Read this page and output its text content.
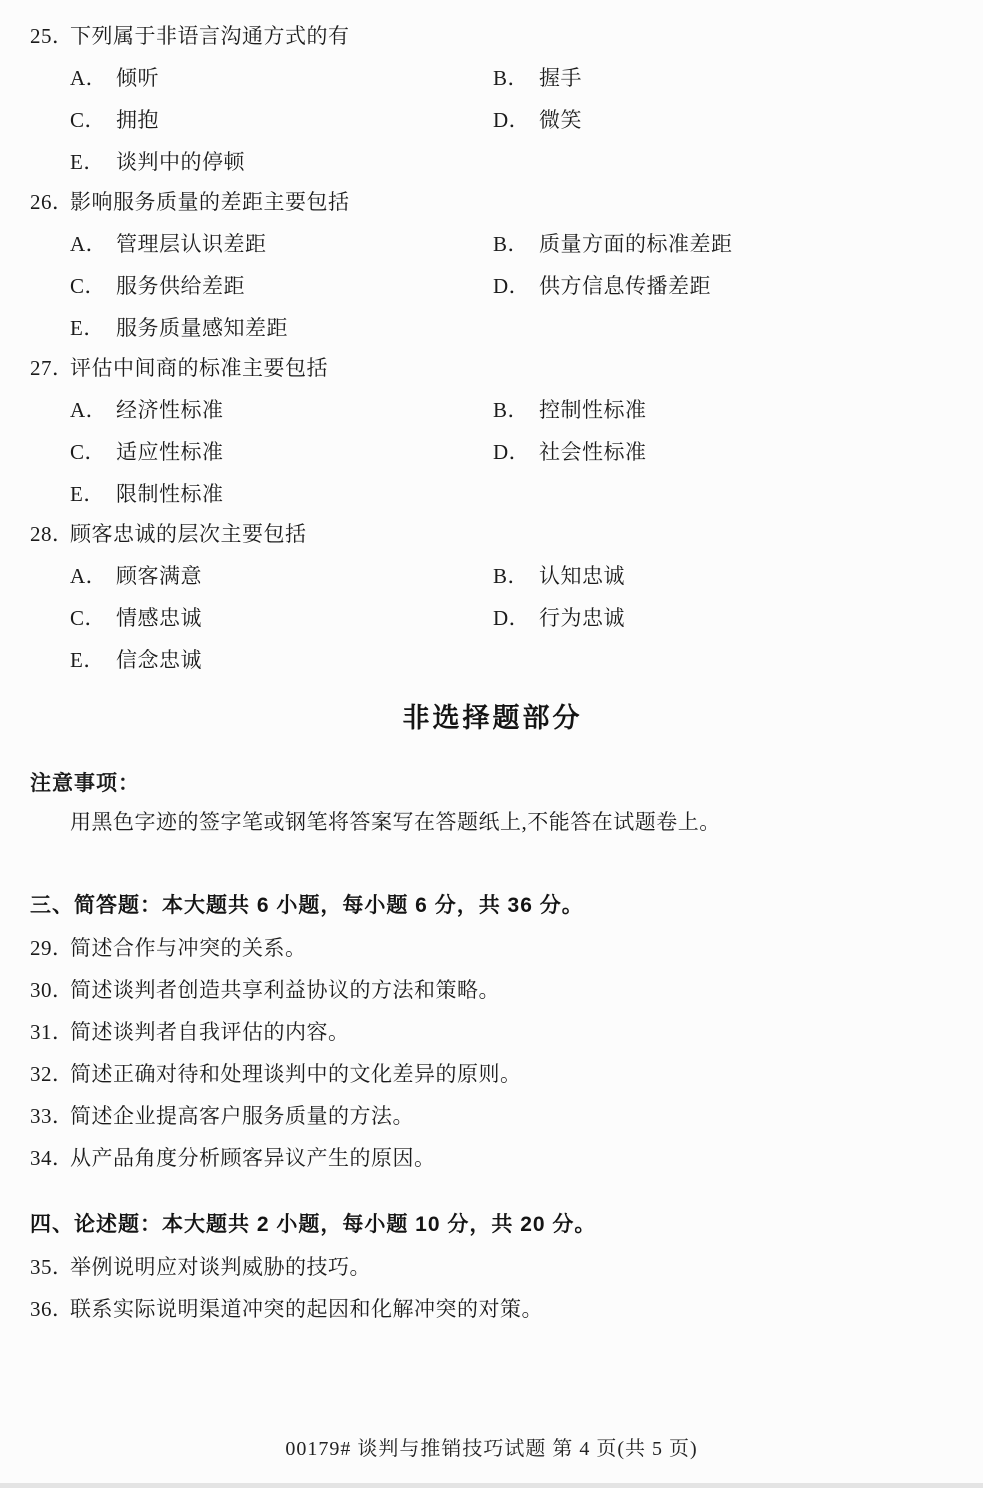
25．下列属于非语言沟通方式的有
A． 倾听	B． 握手
C． 拥抱	D． 微笑
E． 谈判中的停顿
26．影响服务质量的差距主要包括
A． 管理层认识差距	B． 质量方面的标准差距
C． 服务供给差距	D． 供方信息传播差距
E． 服务质量感知差距
27．评估中间商的标准主要包括
A． 经济性标准	B． 控制性标准
C． 适应性标准	D． 社会性标准
E． 限制性标准
28．顾客忠诚的层次主要包括
A． 顾客满意	B． 认知忠诚
C． 情感忠诚	D． 行为忠诚
E． 信念忠诚
非选择题部分
注意事项：
用黑色字迹的签字笔或钢笔将答案写在答题纸上,不能答在试题卷上。
三、简答题：本大题共 6 小题，每小题 6 分，共 36 分。
29．简述合作与冲突的关系。
30．简述谈判者创造共享利益协议的方法和策略。
31．简述谈判者自我评估的内容。
32．简述正确对待和处理谈判中的文化差异的原则。
33．简述企业提高客户服务质量的方法。
34．从产品角度分析顾客异议产生的原因。
四、论述题：本大题共 2 小题，每小题 10 分，共 20 分。
35．举例说明应对谈判威胁的技巧。
36．联系实际说明渠道冲突的起因和化解冲突的对策。
00179# 谈判与推销技巧试题 第 4 页(共 5 页)
